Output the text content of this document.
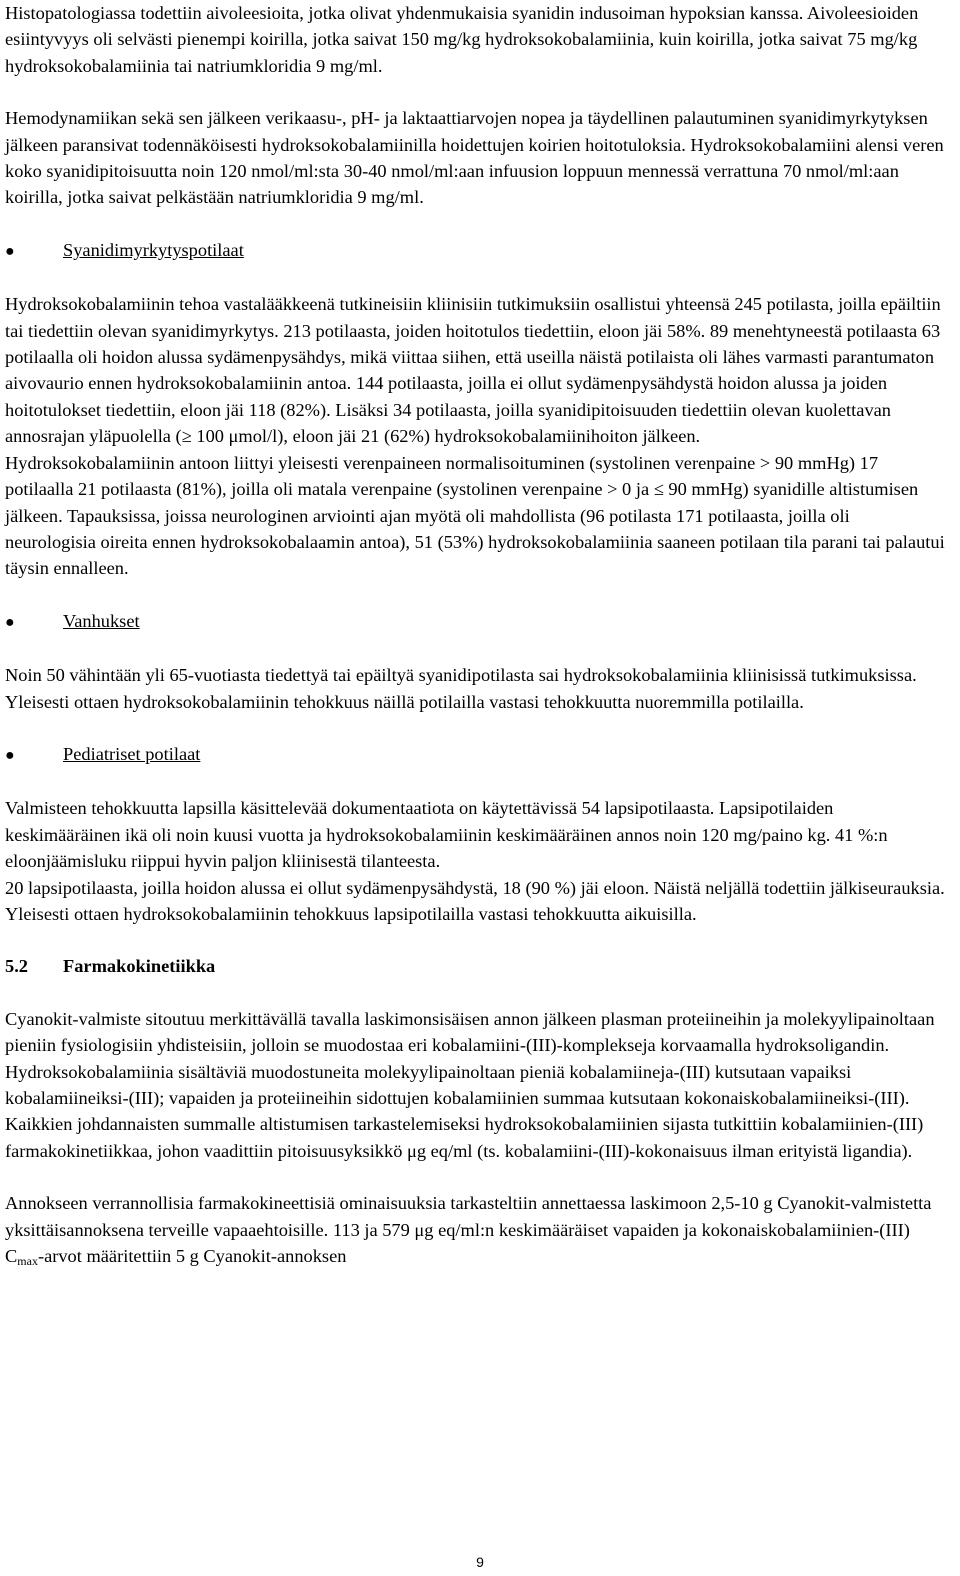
Histopatologiassa todettiin aivoleesioita, jotka olivat yhdenmukaisia syanidin indusoiman hypoksian kanssa. Aivoleesioiden esiintyvyys oli selvästi pienempi koirilla, jotka saivat 150 mg/kg hydroksokobalamiinia, kuin koirilla, jotka saivat 75 mg/kg hydroksokobalamiinia tai natriumkloridia 9 mg/ml.

Hemodynamiikan sekä sen jälkeen verikaasu-, pH- ja laktaattiarvojen nopea ja täydellinen palautuminen syanidimyrkytyksen jälkeen paransivat todennäköisesti hydroksokobalamiinilla hoidettujen koirien hoitotuloksia. Hydroksokobalamiini alensi veren koko syanidipitoisuutta noin 120 nmol/ml:sta 30-40 nmol/ml:aan infuusion loppuun mennessä verrattuna 70 nmol/ml:aan koirilla, jotka saivat pelkästään natriumkloridia 9 mg/ml.

●	Syanidimyrkytyspotilaat

Hydroksokobalamiinin tehoa vastalääkkeenä tutkineisiin kliinisiin tutkimuksiin osallistui yhteensä 245 potilasta, joilla epäiltiin tai tiedettiin olevan syanidimyrkytys. 213 potilaasta, joiden hoitotulos tiedettiin, eloon jäi 58%. 89 menehtyneestä potilaasta 63 potilaalla oli hoidon alussa sydämenpysähdys, mikä viittaa siihen, että useilla näistä potilaista oli lähes varmasti parantumaton aivovaurio ennen hydroksokobalamiinin antoa. 144 potilaasta, joilla ei ollut sydämenpysähdystä hoidon alussa ja joiden hoitotulokset tiedettiin, eloon jäi 118 (82%). Lisäksi 34 potilaasta, joilla syanidipitoisuuden tiedettiin olevan kuolettavan annosrajan yläpuolella (≥ 100 μmol/l), eloon jäi 21 (62%) hydroksokobalamiinihoiton jälkeen.

Hydroksokobalamiinin antoon liittyi yleisesti verenpaineen normalisoituminen (systolinen verenpaine > 90 mmHg) 17 potilaalla 21 potilaasta (81%), joilla oli matala verenpaine (systolinen verenpaine > 0 ja ≤ 90 mmHg) syanidille altistumisen jälkeen. Tapauksissa, joissa neurologinen arviointi ajan myötä oli mahdollista (96 potilasta 171 potilaasta, joilla oli neurologisia oireita ennen hydroksokobalaamin antoa), 51 (53%) hydroksokobalamiinia saaneen potilaan tila parani tai palautui täysin ennalleen.

●	Vanhukset

Noin 50 vähintään yli 65-vuotiasta tiedettyä tai epäiltyä syanidipotilasta sai hydroksokobalamiinia kliinisissä tutkimuksissa. Yleisesti ottaen hydroksokobalamiinin tehokkuus näillä potilailla vastasi tehokkuutta nuoremmilla potilailla.

●	Pediatriset potilaat

Valmisteen tehokkuutta lapsilla käsittelevää dokumentaatiota on käytettävissä 54 lapsipotilaasta. Lapsipotilaiden keskimääräinen ikä oli noin kuusi vuotta ja hydroksokobalamiinin keskimääräinen annos noin 120 mg/paino kg. 41 %:n eloonjäämisluku riippui hyvin paljon kliinisestä tilanteesta.

20 lapsipotilaasta, joilla hoidon alussa ei ollut sydämenpysähdystä, 18 (90 %) jäi eloon. Näistä neljällä todettiin jälkiseurauksia. Yleisesti ottaen hydroksokobalamiinin tehokkuus lapsipotilailla vastasi tehokkuutta aikuisilla.

5.2	Farmakokinetiikka

Cyanokit-valmiste sitoutuu merkittävällä tavalla laskimonsisäisen annon jälkeen plasman proteiineihin ja molekyylipainoltaan pieniin fysiologisiin yhdisteisiin, jolloin se muodostaa eri kobalamiini-(III)-komplekseja korvaamalla hydroksoligandin. Hydroksokobalamiinia sisältäviä muodostuneita molekyylipainoltaan pieniä kobalamiineja-(III) kutsutaan vapaiksi kobalamiineiksi-(III); vapaiden ja proteiineihin sidottujen kobalamiinien summaa kutsutaan kokonaiskobalamiineiksi-(III). Kaikkien johdannaisten summalle altistumisen tarkastelemiseksi hydroksokobalamiinien sijasta tutkittiin kobalamiinien-(III) farmakokinetiikkaa, johon vaadittiin pitoisuusyksikkö μg eq/ml (ts. kobalamiini-(III)-kokonaisuus ilman erityistä ligandia).

Annokseen verrannollisia farmakokineettisiä ominaisuuksia tarkasteltiin annettaessa laskimoon 2,5-10 g Cyanokit-valmistetta yksittäisannoksena terveille vapaaehtoisille. 113 ja 579 μg eq/ml:n keskimääräiset vapaiden ja kokonaiskobalamiinien-(III) $C_{max}$-arvot määritettiin 5 g Cyanokit-annoksen

9
